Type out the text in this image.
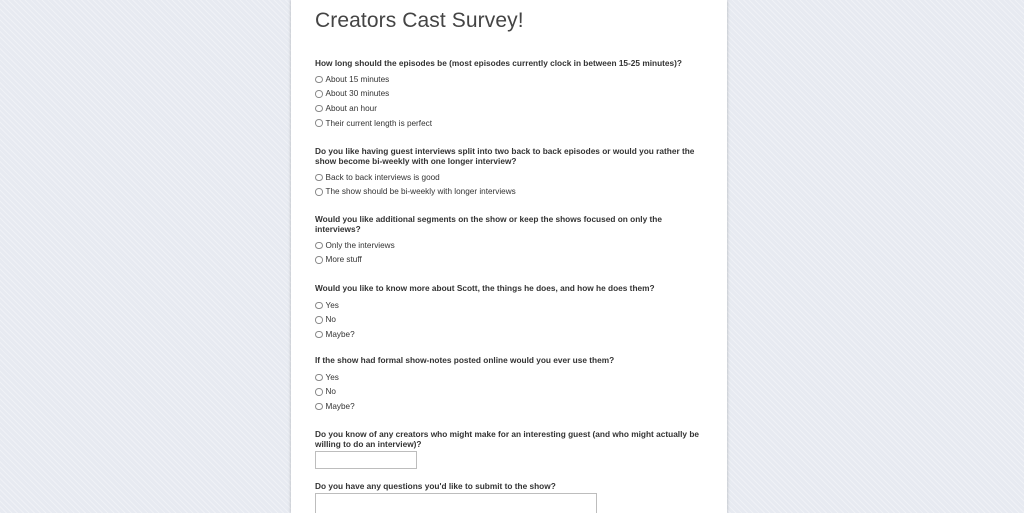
Creators Cast Survey!
How long should the episodes be (most episodes currently clock in between 15-25 minutes)?
About 15 minutes
About 30 minutes
About an hour
Their current length is perfect
Do you like having guest interviews split into two back to back episodes or would you rather the show become bi-weekly with one longer interview?
Back to back interviews is good
The show should be bi-weekly with longer interviews
Would you like additional segments on the show or keep the shows focused on only the interviews?
Only the interviews
More stuff
Would you like to know more about Scott, the things he does, and how he does them?
Yes
No
Maybe?
If the show had formal show-notes posted online would you ever use them?
Yes
No
Maybe?
Do you know of any creators who might make for an interesting guest (and who might actually be willing to do an interview)?
Do you have any questions you'd like to submit to the show?
